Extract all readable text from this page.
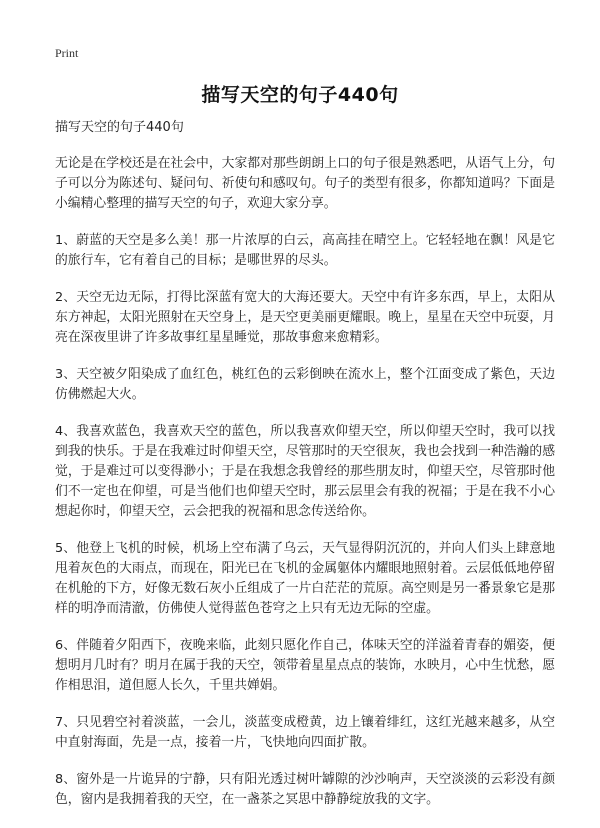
Print
描写天空的句子440句

描写天空的句子440句

无论是在学校还是在社会中，大家都对那些朗朗上口的句子很是熟悉吧，从语气上分，句子可以分为陈述句、疑问句、祈使句和感叹句。句子的类型有很多，你都知道吗？下面是小编精心整理的描写天空的句子，欢迎大家分享。

1、蔚蓝的天空是多么美！那一片浓厚的白云，高高挂在晴空上。它轻轻地在飘！风是它的旅行车，它有着自己的目标；是哪世界的尽头。

2、天空无边无际，打得比深蓝有宽大的大海还要大。天空中有许多东西，早上，太阳从东方神起，太阳光照射在天空身上，是天空更美丽更耀眼。晚上，星星在天空中玩耍，月亮在深夜里讲了许多故事红星星睡觉，那故事愈来愈精彩。

3、天空被夕阳染成了血红色，桃红色的云彩倒映在流水上，整个江面变成了紫色，天边仿佛燃起大火。

4、我喜欢蓝色，我喜欢天空的蓝色，所以我喜欢仰望天空，所以仰望天空时，我可以找到我的快乐。于是在我难过时仰望天空，尽管那时的天空很灰，我也会找到一种浩瀚的感觉，于是难过可以变得渺小；于是在我想念我曾经的那些朋友时，仰望天空，尽管那时他们不一定也在仰望，可是当他们也仰望天空时，那云层里会有我的祝福；于是在我不小心想起你时，仰望天空，云会把我的祝福和思念传送给你。

5、他登上飞机的时候，机场上空布满了乌云，天气显得阴沉沉的，并向人们头上肆意地甩着灰色的大雨点，而现在，阳光已在飞机的金属躯体内耀眼地照射着。云层低低地停留在机舱的下方，好像无数石灰小丘组成了一片白茫茫的荒原。高空则是另一番景象它是那样的明净而清澈，仿佛使人觉得蓝色苍穹之上只有无边无际的空虚。

6、伴随着夕阳西下，夜晚来临，此刻只愿化作自己，体味天空的洋溢着青春的媚姿，便想明月几时有？明月在属于我的天空，领带着星星点点的装饰，水映月，心中生忧愁，愿作相思泪，道但愿人长久，千里共婵娟。

7、只见碧空衬着淡蓝，一会儿，淡蓝变成橙黄，边上镶着绯红，这红光越来越多，从空中直射海面，先是一点，接着一片，飞快地向四面扩散。

8、窗外是一片诡异的宁静，只有阳光透过树叶罅隙的沙沙响声，天空淡淡的云彩没有颜色，窗内是我拥着我的天空，在一盏茶之冥思中静静绽放我的文字。
